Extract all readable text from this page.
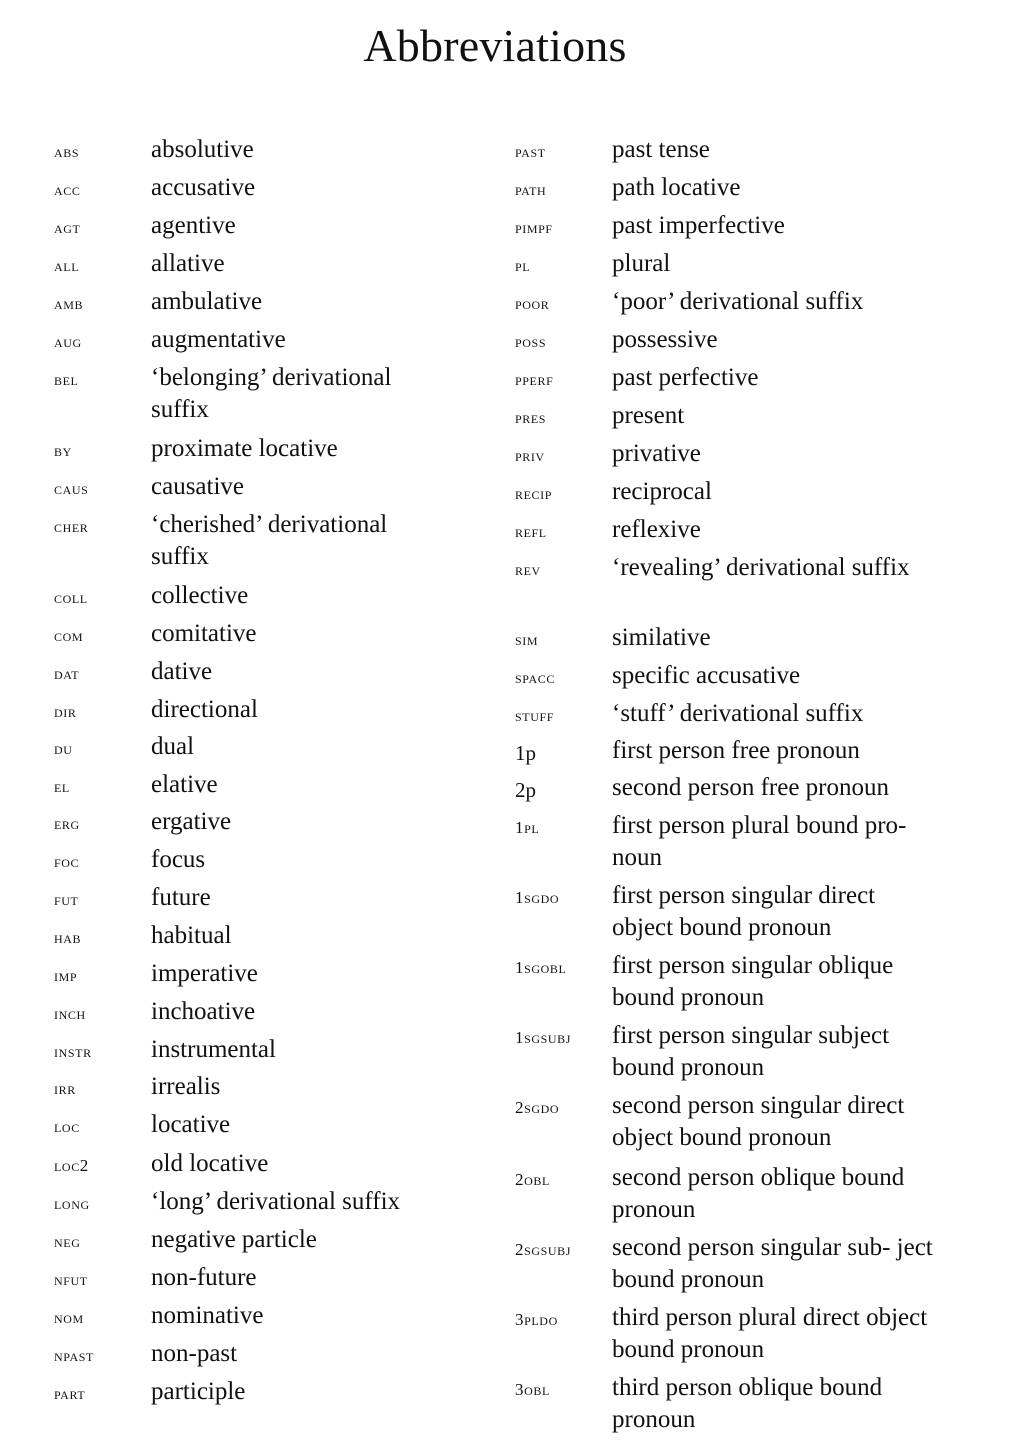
Abbreviations
abs	absolutive
acc	accusative
agt	agentive
all	allative
amb	ambulative
aug	augmentative
bel	‘belonging’ derivational suffix
by	proximate locative
caus	causative
cher	‘cherished’ derivational suffix
coll	collective
com	comitative
dat	dative
dir	directional
du	dual
el	elative
erg	ergative
foc	focus
fut	future
hab	habitual
imp	imperative
inch	inchoative
instr	instrumental
irr	irrealis
loc	locative
loc2	old locative
long	‘long’ derivational suffix
neg	negative particle
nfut	non-future
nom	nominative
npast	non-past
part	participle
past	past tense
path	path locative
pimpf	past imperfective
pl	plural
poor	‘poor’ derivational suffix
poss	possessive
pperf	past perfective
pres	present
priv	privative
recip	reciprocal
refl	reflexive
rev	‘revealing’ derivational suffix
sim	similative
spacc	specific accusative
stuff	‘stuff’ derivational suffix
1p	first person free pronoun
2p	second person free pronoun
1pl	first person plural bound pro- noun
1sgdo	first person singular direct object bound pronoun
1sgobl	first person singular oblique bound pronoun
1sgsubj	first person singular subject bound pronoun
2sgdo	second person singular direct object bound pronoun
2obl	second person oblique bound pronoun
2sgsubj	second person singular sub- ject bound pronoun
3pldo	third person plural direct object bound pronoun
3obl	third person oblique bound pronoun
